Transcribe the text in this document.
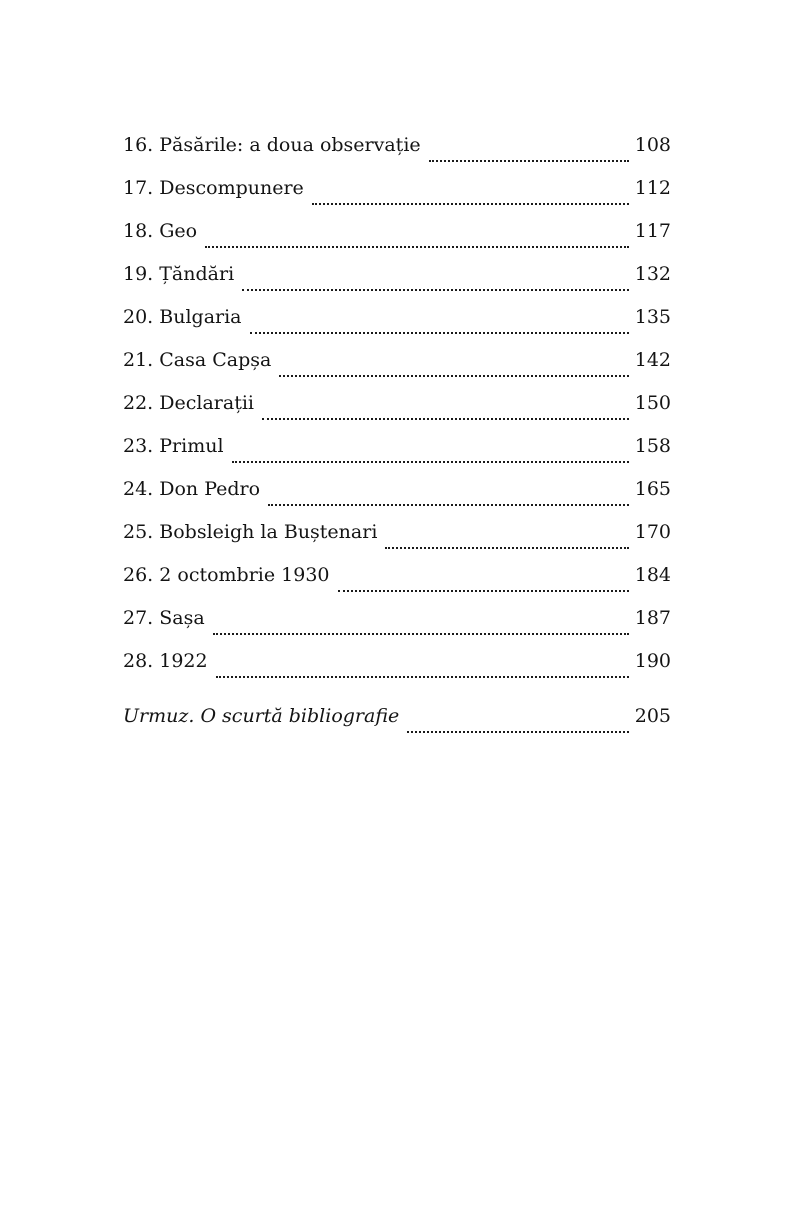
16. Păsările: a doua observație	108
17. Descompunere	112
18. Geo	117
19. Țăndări	132
20. Bulgaria	135
21. Casa Capșa	142
22. Declarații	150
23. Primul	158
24. Don Pedro	165
25. Bobsleigh la Buștenari	170
26. 2 octombrie 1930	184
27. Sașa	187
28. 1922	190
Urmuz. O scurtă bibliografie	205
